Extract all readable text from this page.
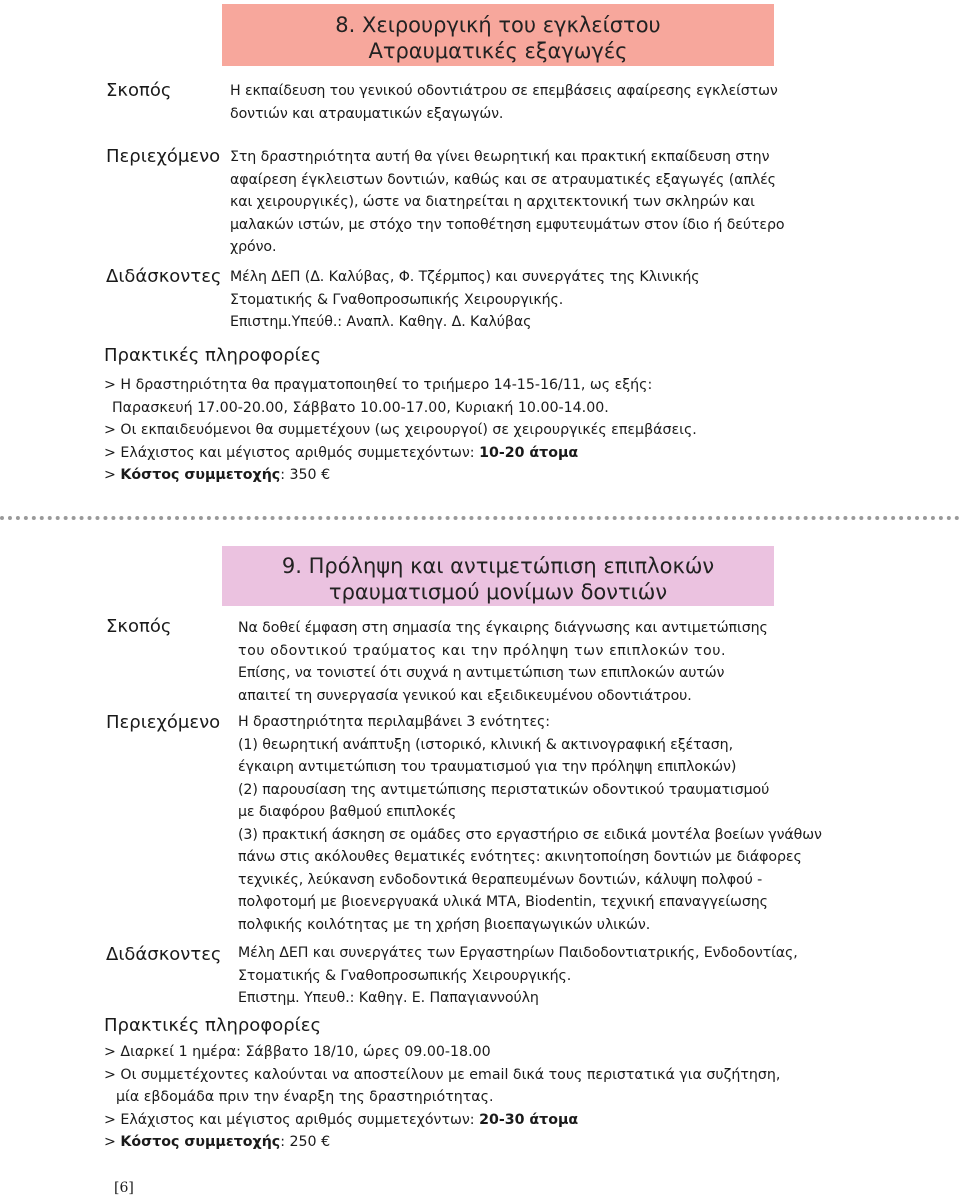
8. Χειρουργική του εγκλείστου
Ατραυματικές εξαγωγές
Σκοπός	Η εκπαίδευση του γενικού οδοντιάτρου σε επεμβάσεις αφαίρεσης εγκλείστων
δοντιών και ατραυματικών εξαγωγών.
Περιεχόμενο Στη δραστηριότητα αυτή θα γίνει θεωρητική και πρακτική εκπαίδευση στην
αφαίρεση έγκλειστων δοντιών, καθώς και σε ατραυματικές εξαγωγές (απλές
και χειρουργικές), ώστε να διατηρείται η αρχιτεκτονική των σκληρών και
μαλακών ιστών, με στόχο την τοποθέτηση εμφυτευμάτων στον ίδιο ή δεύτερο
χρόνο.
Διδάσκοντες Μέλη ΔΕΠ (Δ. Καλύβας, Φ. Τζέρμπος) και συνεργάτες της Κλινικής
Στοματικής & Γναθοπροσωπικής Χειρουργικής.
Επιστημ.Υπεύθ.: Αναπλ. Καθηγ. Δ. Καλύβας
Πρακτικές πληροφορίες
> Η δραστηριότητα θα πραγματοποιηθεί το τριήμερο 14-15-16/11, ως εξής:
Παρασκευή 17.00-20.00, Σάββατο 10.00-17.00, Κυριακή 10.00-14.00.
> Οι εκπαιδευόμενοι θα συμμετέχουν (ως χειρουργοί) σε χειρουργικές επεμβάσεις.
> Ελάχιστος και μέγιστος αριθμός συμμετεχόντων: 10-20 άτομα
> Κόστος συμμετοχής: 350 €
9. Πρόληψη και αντιμετώπιση επιπλοκών
τραυματισμού μονίμων δοντιών
Σκοπός	Να δοθεί έμφαση στη σημασία της έγκαιρης διάγνωσης και αντιμετώπισης
του οδοντικού τραύματος και την πρόληψη των επιπλοκών του.
Επίσης, να τονιστεί ότι συχνά η αντιμετώπιση των επιπλοκών αυτών
απαιτεί τη συνεργασία γενικού και εξειδικευμένου οδοντιάτρου.
Περιεχόμενο Η δραστηριότητα περιλαμβάνει 3 ενότητες:
(1) θεωρητική ανάπτυξη (ιστορικό, κλινική & ακτινογραφική εξέταση,
έγκαιρη αντιμετώπιση του τραυματισμού για την πρόληψη επιπλοκών)
(2) παρουσίαση της αντιμετώπισης περιστατικών οδοντικού τραυματισμού
με διαφόρου βαθμού επιπλοκές
(3) πρακτική άσκηση σε ομάδες στο εργαστήριο σε ειδικά μοντέλα βοείων γνάθων
πάνω στις ακόλουθες θεματικές ενότητες: ακινητοποίηση δοντιών με διάφορες
τεχνικές, λεύκανση ενδοδοντικά θεραπευμένων δοντιών, κάλυψη πολφού -
πολφοτομή με βιοενεργυακά υλικά ΜΤΑ, Biodentin, τεχνική επαναγγείωσης
πολφικής κοιλότητας με τη χρήση βιοεπαγωγικών υλικών.
Διδάσκοντες Μέλη ΔΕΠ και συνεργάτες των Εργαστηρίων Παιδοδοντιατρικής, Ενδοδοντίας,
Στοματικής & Γναθοπροσωπικής Χειρουργικής.
Επιστημ. Υπευθ.: Καθηγ. Ε. Παπαγιαννούλη
Πρακτικές πληροφορίες
> Διαρκεί 1 ημέρα: Σάββατο 18/10, ώρες 09.00-18.00
> Οι συμμετέχοντες καλούνται να αποστείλουν με email δικά τους περιστατικά για συζήτηση,
μία εβδομάδα πριν την έναρξη της δραστηριότητας.
> Ελάχιστος και μέγιστος αριθμός συμμετεχόντων: 20-30 άτομα
> Κόστος συμμετοχής: 250 €
[6]
